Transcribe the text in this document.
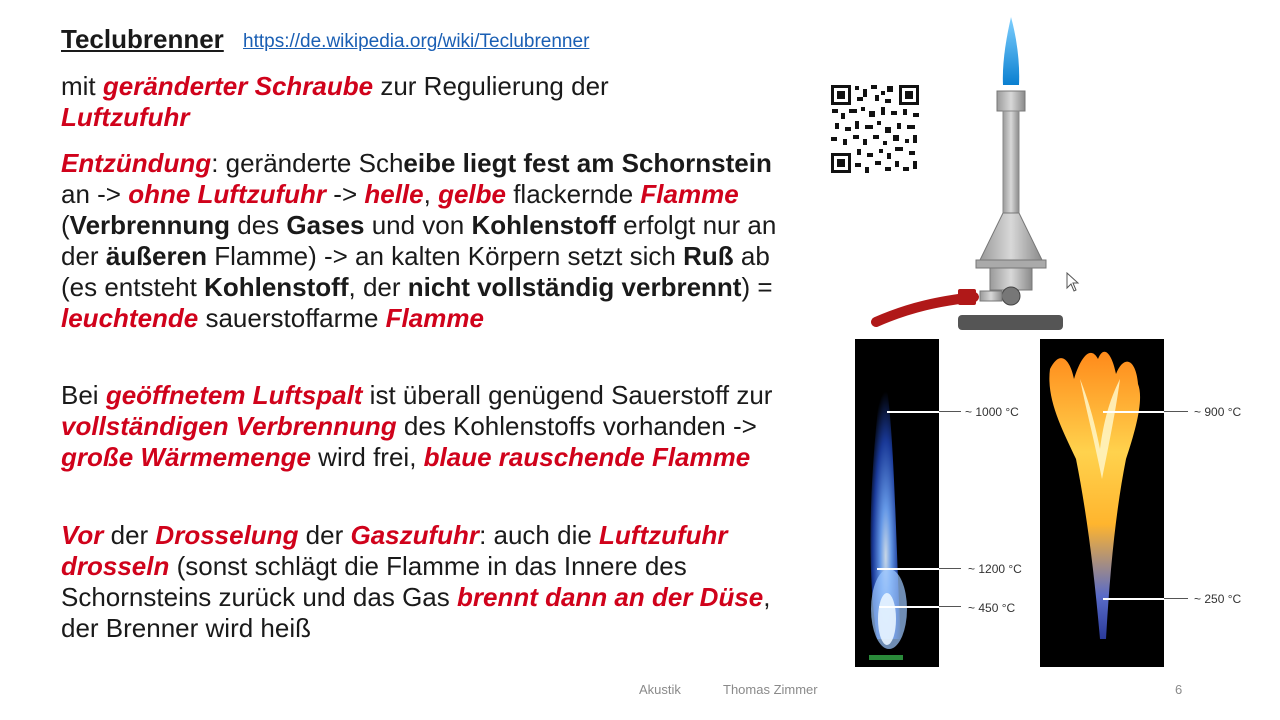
Teclubrenner https://de.wikipedia.org/wiki/Teclubrenner

mit geränderter Schraube zur Regulierung der
Luftzufuhr

Entzündung: geränderte Scheibe liegt fest am Schornstein an -> ohne Luftzufuhr -> helle, gelbe flackernde Flamme (Verbrennung des Gases und von Kohlenstoff erfolgt nur an der äußeren Flamme) -> an kalten Körpern setzt sich Ruß ab (es entsteht Kohlenstoff, der nicht vollständig verbrennt) = leuchtende sauerstoffarme Flamme

Bei geöffnetem Luftspalt ist überall genügend Sauerstoff zur vollständigen Verbrennung des Kohlenstoffs vorhanden -> große Wärmemenge wird frei, blaue rauschende Flamme

Vor der Drosselung der Gaszufuhr: auch die Luftzufuhr drosseln (sonst schlägt die Flamme in das Innere des Schornsteins zurück und das Gas brennt dann an der Düse, der Brenner wird heiß

~ 1000 °C
~ 1200 °C
~ 450 °C
~ 900 °C
~ 250 °C
Akustik	Thomas Zimmer	6
